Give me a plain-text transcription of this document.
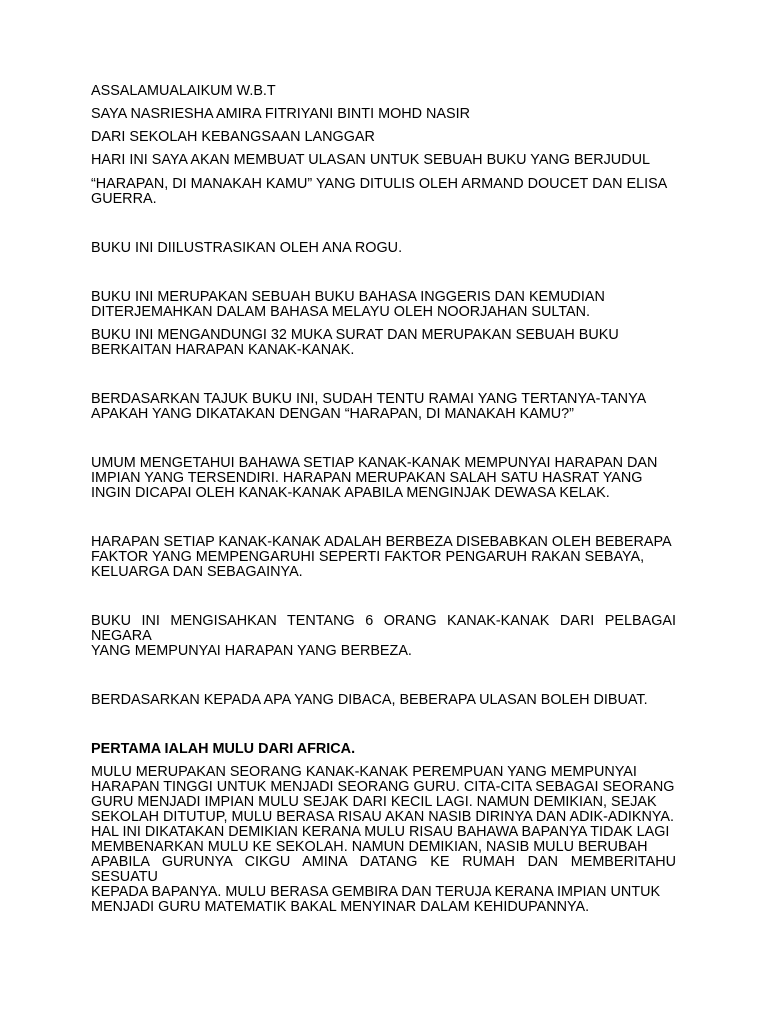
ASSALAMUALAIKUM W.B.T

SAYA NASRIESHA AMIRA FITRIYANI BINTI MOHD NASIR

DARI SEKOLAH KEBANGSAAN LANGGAR

HARI INI SAYA AKAN MEMBUAT ULASAN UNTUK SEBUAH BUKU YANG BERJUDUL

“HARAPAN, DI MANAKAH KAMU” YANG DITULIS OLEH ARMAND DOUCET DAN ELISA
GUERRA.

BUKU INI DIILUSTRASIKAN OLEH ANA ROGU.

BUKU INI MERUPAKAN SEBUAH BUKU BAHASA INGGERIS DAN KEMUDIAN
DITERJEMAHKAN DALAM BAHASA MELAYU OLEH NOORJAHAN SULTAN.

BUKU INI MENGANDUNGI 32 MUKA SURAT DAN MERUPAKAN SEBUAH BUKU
BERKAITAN HARAPAN KANAK-KANAK.

BERDASARKAN TAJUK BUKU INI, SUDAH TENTU RAMAI YANG TERTANYA-TANYA
APAKAH YANG DIKATAKAN DENGAN “HARAPAN, DI MANAKAH KAMU?”

UMUM MENGETAHUI BAHAWA SETIAP KANAK-KANAK MEMPUNYAI HARAPAN DAN
IMPIAN YANG TERSENDIRI. HARAPAN MERUPAKAN SALAH SATU HASRAT YANG
INGIN DICAPAI OLEH KANAK-KANAK APABILA MENGINJAK DEWASA KELAK.

HARAPAN SETIAP KANAK-KANAK ADALAH BERBEZA DISEBABKAN OLEH BEBERAPA
FAKTOR YANG MEMPENGARUHI SEPERTI FAKTOR PENGARUH RAKAN SEBAYA,
KELUARGA DAN SEBAGAINYA.

BUKU INI MENGISAHKAN TENTANG 6 ORANG KANAK-KANAK DARI PELBAGAI NEGARA
YANG MEMPUNYAI HARAPAN YANG BERBEZA.

BERDASARKAN KEPADA APA YANG DIBACA, BEBERAPA ULASAN BOLEH DIBUAT.

PERTAMA IALAH MULU DARI AFRICA.

MULU MERUPAKAN SEORANG KANAK-KANAK PEREMPUAN YANG MEMPUNYAI
HARAPAN TINGGI UNTUK MENJADI SEORANG GURU. CITA-CITA SEBAGAI SEORANG
GURU MENJADI IMPIAN MULU SEJAK DARI KECIL LAGI. NAMUN DEMIKIAN, SEJAK
SEKOLAH DITUTUP, MULU BERASA RISAU AKAN NASIB DIRINYA DAN ADIK-ADIKNYA.
HAL INI DIKATAKAN DEMIKIAN KERANA MULU RISAU BAHAWA BAPANYA TIDAK LAGI
MEMBENARKAN MULU KE SEKOLAH. NAMUN DEMIKIAN, NASIB MULU BERUBAH
APABILA GURUNYA CIKGU AMINA DATANG KE RUMAH DAN MEMBERITAHU SESUATU
KEPADA BAPANYA. MULU BERASA GEMBIRA DAN TERUJA KERANA IMPIAN UNTUK
MENJADI GURU MATEMATIK BAKAL MENYINAR DALAM KEHIDUPANNYA.
